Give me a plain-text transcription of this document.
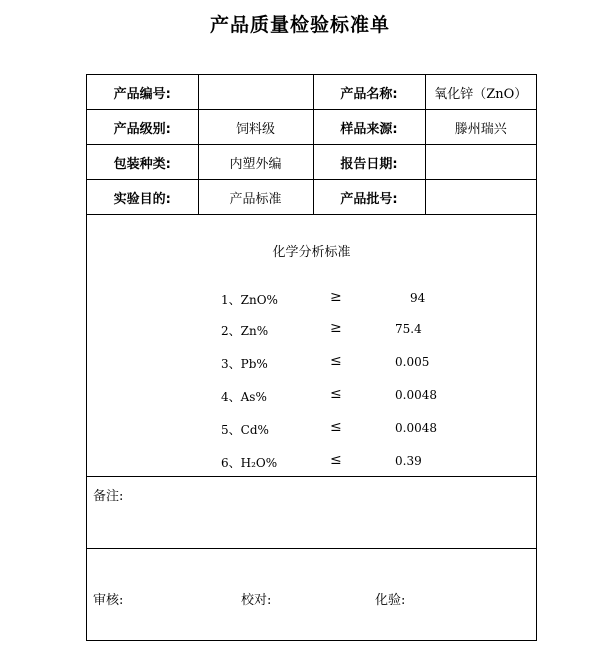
产品质量检验标准单
产品编号:		产品名称:	氧化锌（ZnO）
产品级别:	饲料级	样品来源:	滕州瑞兴
包装种类:	内塑外编	报告日期:	
实验目的:	产品标准	产品批号:	
化学分析标准
1、ZnO%	≥	94
2、Zn%	≥	75.4
3、Pb%	≤	0.005
4、As%	≤	0.0048
5、Cd%	≤	0.0048
6、H₂O%	≤	0.39
备注:
审核:	校对:	化验:
